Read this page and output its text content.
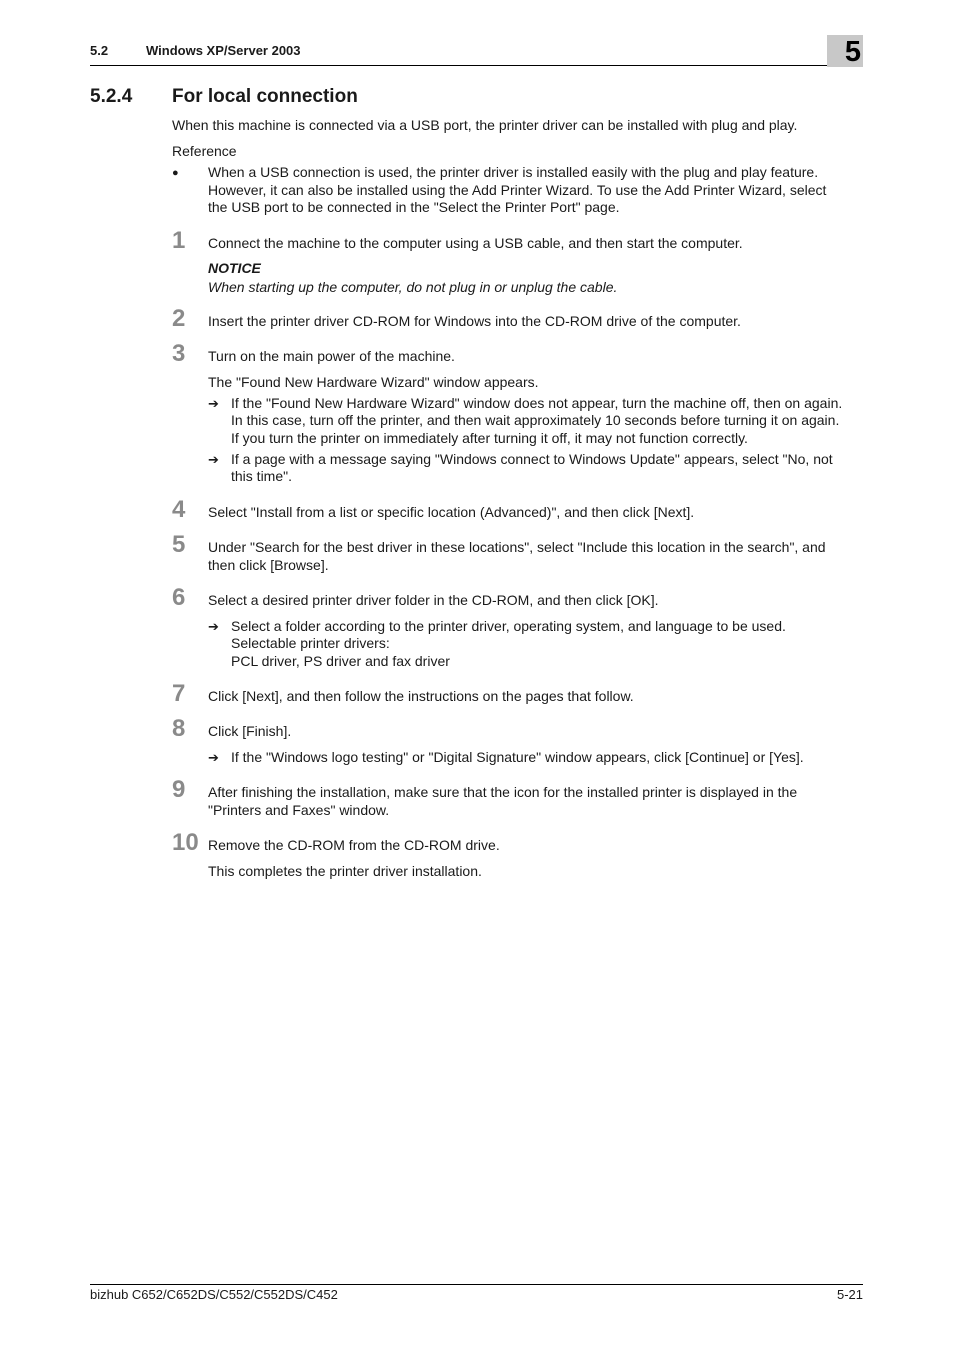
5.2	Windows XP/Server 2003	5
5.2.4 For local connection
When this machine is connected via a USB port, the printer driver can be installed with plug and play.
Reference
● When a USB connection is used, the printer driver is installed easily with the plug and play feature.
However, it can also be installed using the Add Printer Wizard. To use the Add Printer Wizard, select
the USB port to be connected in the "Select the Printer Port" page.
1 Connect the machine to the computer using a USB cable, and then start the computer.
NOTICE
When starting up the computer, do not plug in or unplug the cable.
2 Insert the printer driver CD-ROM for Windows into the CD-ROM drive of the computer.
3 Turn on the main power of the machine.
The "Found New Hardware Wizard" window appears.
➔ If the "Found New Hardware Wizard" window does not appear, turn the machine off, then on again.
In this case, turn off the printer, and then wait approximately 10 seconds before turning it on again.
If you turn the printer on immediately after turning it off, it may not function correctly.
➔ If a page with a message saying "Windows connect to Windows Update" appears, select "No, not
this time".
4 Select "Install from a list or specific location (Advanced)", and then click [Next].
5 Under "Search for the best driver in these locations", select "Include this location in the search", and
then click [Browse].
6 Select a desired printer driver folder in the CD-ROM, and then click [OK].
➔ Select a folder according to the printer driver, operating system, and language to be used.
Selectable printer drivers:
PCL driver, PS driver and fax driver
7 Click [Next], and then follow the instructions on the pages that follow.
8 Click [Finish].
➔ If the "Windows logo testing" or "Digital Signature" window appears, click [Continue] or [Yes].
9 After finishing the installation, make sure that the icon for the installed printer is displayed in the
"Printers and Faxes" window.
10 Remove the CD-ROM from the CD-ROM drive.
This completes the printer driver installation.
bizhub C652/C652DS/C552/C552DS/C452	5-21
